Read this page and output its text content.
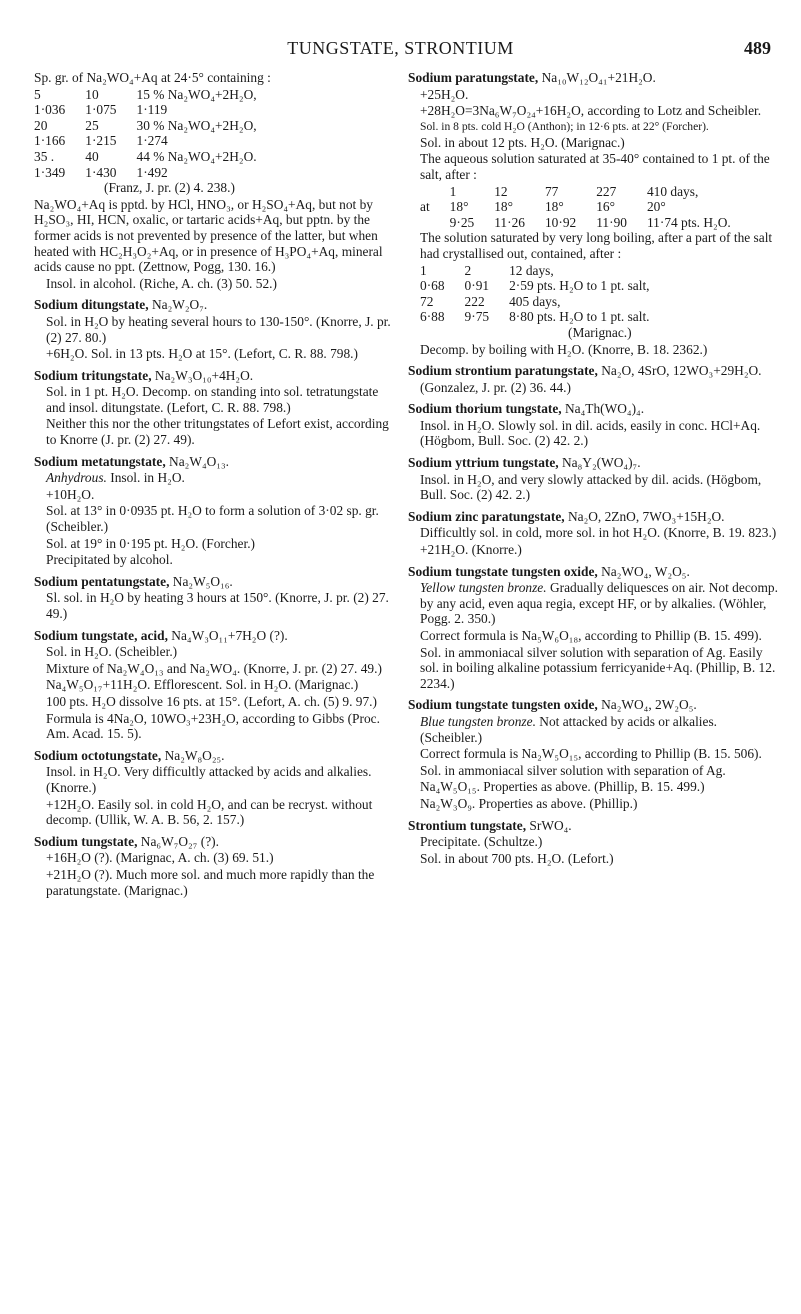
TUNGSTATE, STRONTIUM	489
Sp. gr. of Na₂WO₄+Aq at 24·5° containing :
5	10	15 % Na₂WO₄+2H₂O,
1·036	1·075	1·119
20	25	30 % Na₂WO₄+2H₂O,
1·166	1·215	1·274
35 .	40	44 % Na₂WO₄+2H₂O.
1·349	1·430	1·492
(Franz, J. pr. (2) 4. 238.)
Na₂WO₄+Aq is pptd. by HCl, HNO₃, or H₂SO₄+Aq, but not by H₂SO₃, HI, HCN, oxalic, or tartaric acids+Aq, but pptn. by the former acids is not prevented by presence of the latter, but when heated with HC₂H₃O₂+Aq, or in presence of H₃PO₄+Aq, mineral acids cause no ppt. (Zettnow, Pogg, 130. 16.)
Insol. in alcohol. (Riche, A. ch. (3) 50. 52.)
Sodium ditungstate, Na₂W₂O₇.
Sol. in H₂O by heating several hours to 130-150°. (Knorre, J. pr. (2) 27. 80.)
+6H₂O. Sol. in 13 pts. H₂O at 15°. (Lefort, C. R. 88. 798.)
Sodium tritungstate, Na₂W₃O₁₀+4H₂O.
Sol. in 1 pt. H₂O. Decomp. on standing into sol. tetratungstate and insol. ditungstate. (Lefort, C. R. 88. 798.)
Neither this nor the other tritungstates of Lefort exist, according to Knorre (J. pr. (2) 27. 49).
Sodium metatungstate, Na₂W₄O₁₃.
Anhydrous. Insol. in H₂O.
+10H₂O.
Sol. at 13° in 0·0935 pt. H₂O to form a solution of 3·02 sp. gr. (Scheibler.)
Sol. at 19° in 0·195 pt. H₂O. (Forcher.)
Precipitated by alcohol.
Sodium pentatungstate, Na₂W₅O₁₆.
Sl. sol. in H₂O by heating 3 hours at 150°. (Knorre, J. pr. (2) 27. 49.)
Sodium tungstate, acid, Na₄W₃O₁₁+7H₂O (?).
Sol. in H₂O. (Scheibler.)
Mixture of Na₂W₄O₁₃ and Na₂WO₄. (Knorre, J. pr. (2) 27. 49.)
Na₄W₅O₁₇+11H₂O. Efflorescent. Sol. in H₂O. (Marignac.)
100 pts. H₂O dissolve 16 pts. at 15°. (Lefort, A. ch. (5) 9. 97.)
Formula is 4Na₂O, 10WO₃+23H₂O, according to Gibbs (Proc. Am. Acad. 15. 5).
Sodium octotungstate, Na₂W₈O₂₅.
Insol. in H₂O. Very difficultly attacked by acids and alkalies. (Knorre.)
+12H₂O. Easily sol. in cold H₂O, and can be recryst. without decomp. (Ullik, W. A. B. 56, 2. 157.)
Sodium tungstate, Na₆W₇O₂₇ (?).
+16H₂O (?). (Marignac, A. ch. (3) 69. 51.)
+21H₂O (?). Much more sol. and much more rapidly than the paratungstate. (Marignac.)
Sodium paratungstate, Na₁₀W₁₂O₄₁+21H₂O.
+25H₂O.
+28H₂O=3Na₆W₇O₂₄+16H₂O, according to Lotz and Scheibler.
Sol. in 8 pts. cold H₂O (Anthon); in 12·6 pts. at 22° (Forcher).
Sol. in about 12 pts. H₂O. (Marignac.)
The aqueous solution saturated at 35-40° contained to 1 pt. of the salt, after :
	1	12	77	227	410 days,
at	18°	18°	18°	16°	20°
	9·25	11·26	10·92	11·90	11·74 pts. H₂O.
The solution saturated by very long boiling, after a part of the salt had crystallised out, contained, after :
1	2	12 days,
0·68	0·91	2·59 pts. H₂O to 1 pt. salt,
72	222	405 days,
6·88	9·75	8·80 pts. H₂O to 1 pt. salt.
(Marignac.)
Decomp. by boiling with H₂O. (Knorre, B. 18. 2362.)
Sodium strontium paratungstate, Na₂O, 4SrO, 12WO₃+29H₂O.
(Gonzalez, J. pr. (2) 36. 44.)
Sodium thorium tungstate, Na₄Th(WO₄)₄.
Insol. in H₂O. Slowly sol. in dil. acids, easily in conc. HCl+Aq. (Högbom, Bull. Soc. (2) 42. 2.)
Sodium yttrium tungstate, Na₈Y₂(WO₄)₇.
Insol. in H₂O, and very slowly attacked by dil. acids. (Högbom, Bull. Soc. (2) 42. 2.)
Sodium zinc paratungstate, Na₂O, 2ZnO, 7WO₃+15H₂O.
Difficultly sol. in cold, more sol. in hot H₂O. (Knorre, B. 19. 823.)
+21H₂O. (Knorre.)
Sodium tungstate tungsten oxide, Na₂WO₄, W₂O₅.
Yellow tungsten bronze. Gradually deliquesces on air. Not decomp. by any acid, even aqua regia, except HF, or by alkalies. (Wöhler, Pogg. 2. 350.)
Correct formula is Na₅W₆O₁₈, according to Phillip (B. 15. 499).
Sol. in ammoniacal silver solution with separation of Ag. Easily sol. in boiling alkaline potassium ferricyanide+Aq. (Phillip, B. 12. 2234.)
Sodium tungstate tungsten oxide, Na₂WO₄, 2W₂O₅.
Blue tungsten bronze. Not attacked by acids or alkalies. (Scheibler.)
Correct formula is Na₂W₅O₁₅, according to Phillip (B. 15. 506).
Sol. in ammoniacal silver solution with separation of Ag.
Na₄W₅O₁₅. Properties as above. (Phillip, B. 15. 499.)
Na₂W₃O₉. Properties as above. (Phillip.)
Strontium tungstate, SrWO₄.
Precipitate. (Schultze.)
Sol. in about 700 pts. H₂O. (Lefort.)
